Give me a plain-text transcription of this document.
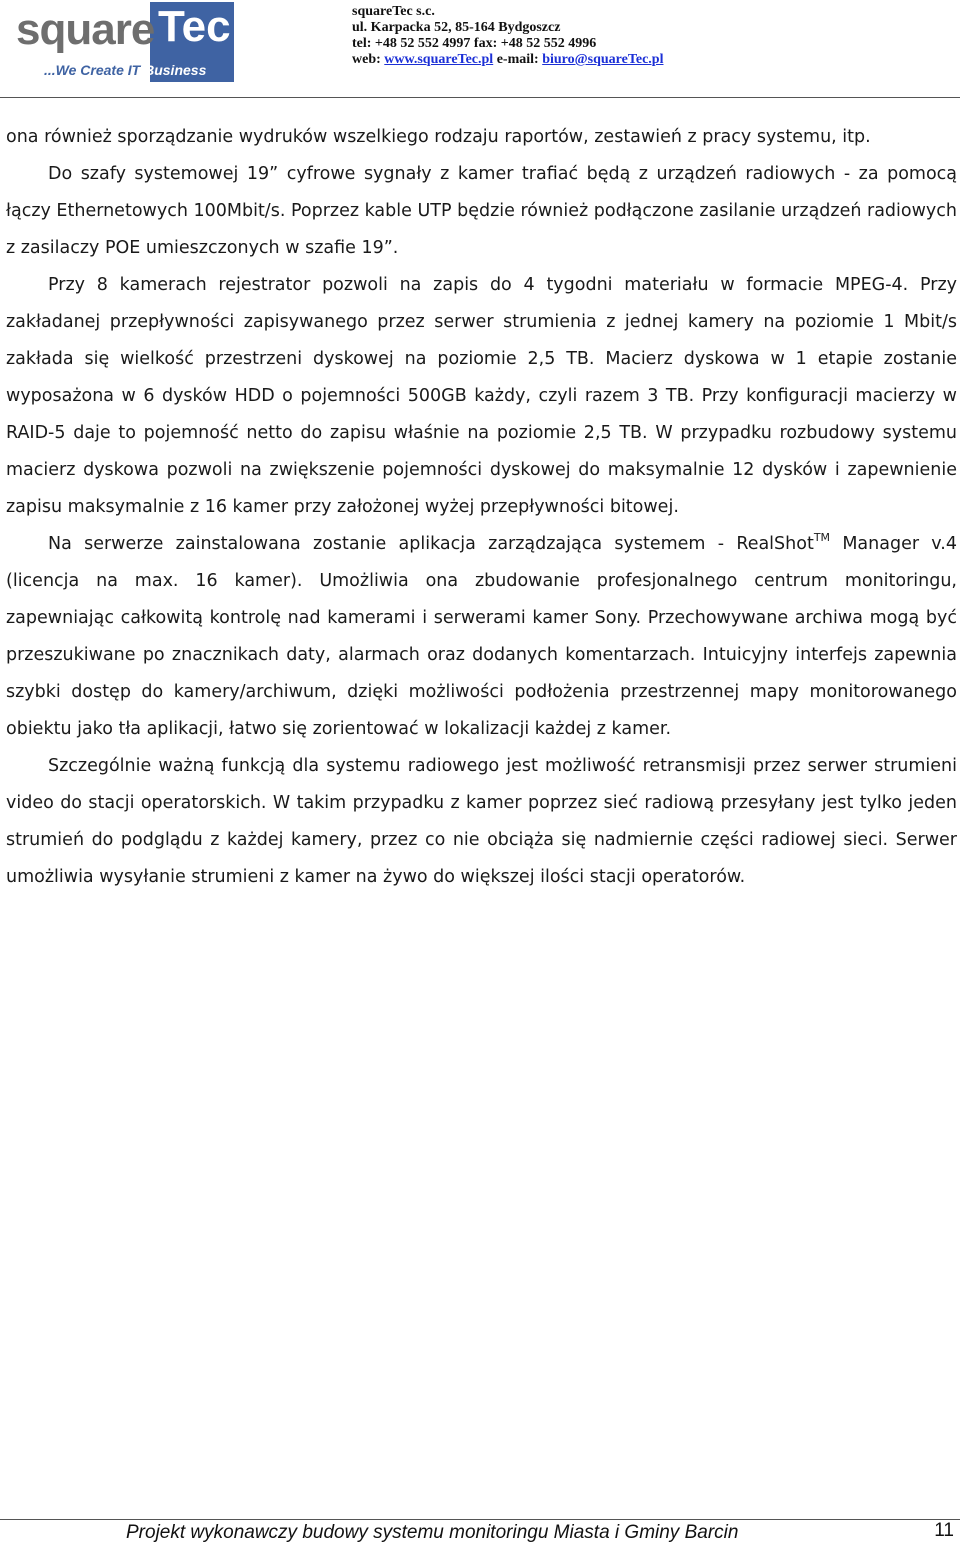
Tec
square
...We Create IT Business
squareTec s.c.
ul. Karpacka 52, 85-164 Bydgoszcz
tel: +48 52 552 4997 fax: +48 52 552 4996
web: www.squareTec.pl e-mail: biuro@squareTec.pl

ona również sporządzanie wydruków wszelkiego rodzaju raportów, zestawień z pracy systemu, itp.

Do szafy systemowej 19” cyfrowe sygnały z kamer trafiać będą z urządzeń radiowych - za pomocą łączy Ethernetowych 100Mbit/s. Poprzez kable UTP będzie również podłączone zasilanie urządzeń radiowych z zasilaczy POE umieszczonych w szafie 19”.

Przy 8 kamerach rejestrator pozwoli na zapis do 4 tygodni materiału w formacie MPEG-4. Przy zakładanej przepływności zapisywanego przez serwer strumienia z jednej kamery na poziomie 1 Mbit/s zakłada się wielkość przestrzeni dyskowej na poziomie 2,5 TB. Macierz dyskowa w 1 etapie zostanie wyposażona w 6 dysków HDD o pojemności 500GB każdy, czyli razem 3 TB. Przy konfiguracji macierzy w RAID-5 daje to pojemność netto do zapisu właśnie na poziomie 2,5 TB. W przypadku rozbudowy systemu macierz dyskowa pozwoli na zwiększenie pojemności dyskowej do maksymalnie 12 dysków i zapewnienie zapisu maksymalnie z 16 kamer przy założonej wyżej przepływności bitowej.

Na serwerze zainstalowana zostanie aplikacja zarządzająca systemem - RealShot™ Manager v.4 (licencja na max. 16 kamer). Umożliwia ona zbudowanie profesjonalnego centrum monitoringu, zapewniając całkowitą kontrolę nad kamerami i serwerami kamer Sony. Przechowywane archiwa mogą być przeszukiwane po znacznikach daty, alarmach oraz dodanych komentarzach. Intuicyjny interfejs zapewnia szybki dostęp do kamery/archiwum, dzięki możliwości podłożenia przestrzennej mapy monitorowanego obiektu jako tła aplikacji, łatwo się zorientować w lokalizacji każdej z kamer.

Szczególnie ważną funkcją dla systemu radiowego jest możliwość retransmisji przez serwer strumieni video do stacji operatorskich. W takim przypadku z kamer poprzez sieć radiową przesyłany jest tylko jeden strumień do podglądu z każdej kamery, przez co nie obciąża się nadmiernie części radiowej sieci. Serwer umożliwia wysyłanie strumieni z kamer na żywo do większej ilości stacji operatorów.

Projekt wykonawczy budowy systemu monitoringu Miasta i Gminy Barcin	11
